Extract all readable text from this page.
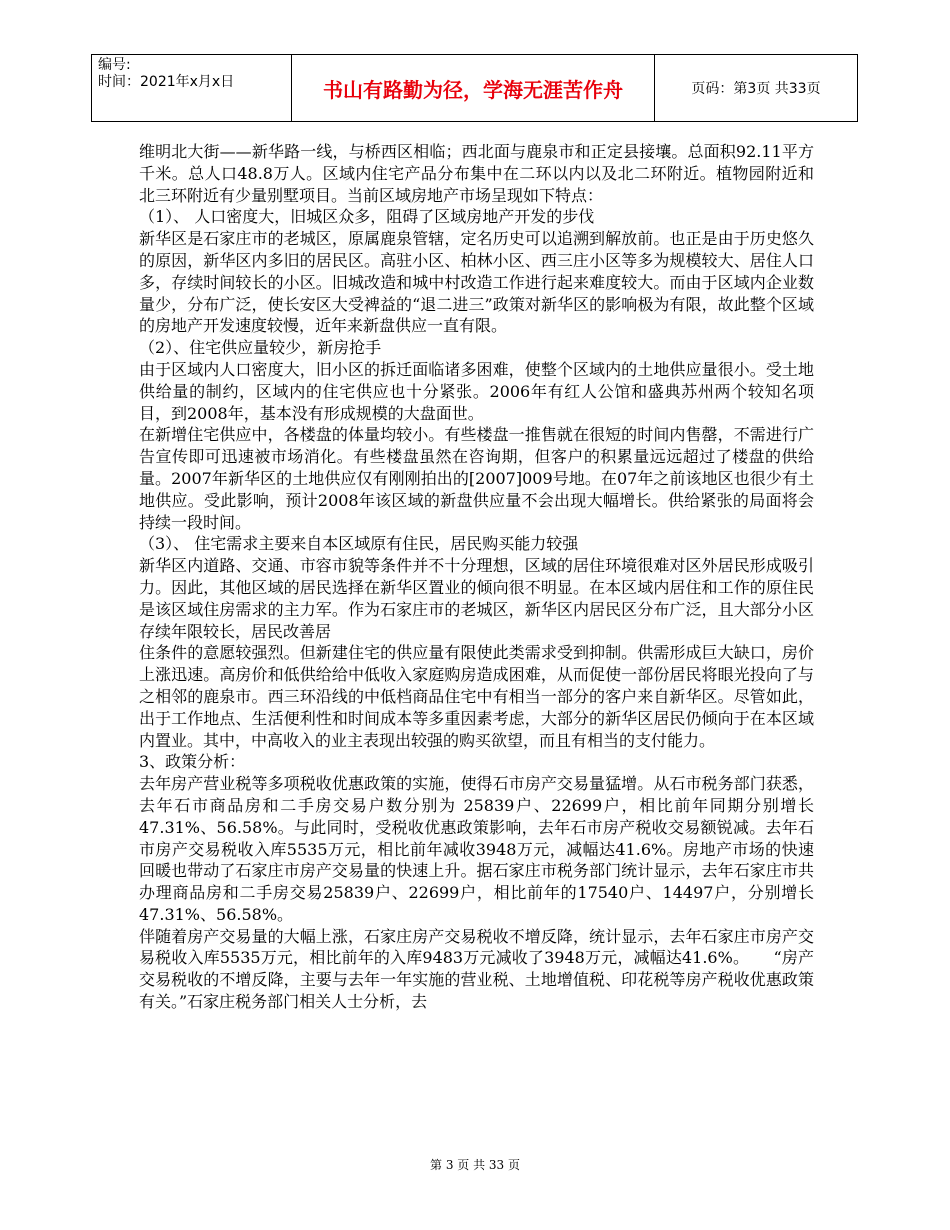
编号:
时间：2021年x月x日	书山有路勤为径，学海无涯苦作舟	页码：第3页 共33页

维明北大街——新华路一线，与桥西区相临；西北面与鹿泉市和正定县接壤。总面积92.11平方千米。总人口48.8万人。区域内住宅产品分布集中在二环以内以及北二环附近。植物园附近和北三环附近有少量别墅项目。当前区域房地产市场呈现如下特点：

（1）、 人口密度大，旧城区众多，阻碍了区域房地产开发的步伐

新华区是石家庄市的老城区，原属鹿泉管辖，定名历史可以追溯到解放前。也正是由于历史悠久的原因，新华区内多旧的居民区。高驻小区、柏林小区、西三庄小区等多为规模较大、居住人口多，存续时间较长的小区。旧城改造和城中村改造工作进行起来难度较大。而由于区域内企业数量少，分布广泛，使长安区大受裨益的“退二进三”政策对新华区的影响极为有限，故此整个区域的房地产开发速度较慢，近年来新盘供应一直有限。

（2）、住宅供应量较少，新房抢手

由于区域内人口密度大，旧小区的拆迁面临诸多困难，使整个区域内的土地供应量很小。受土地供给量的制约，区域内的住宅供应也十分紧张。2006年有红人公馆和盛典苏州两个较知名项目，到2008年，基本没有形成规模的大盘面世。

在新增住宅供应中，各楼盘的体量均较小。有些楼盘一推售就在很短的时间内售罄，不需进行广告宣传即可迅速被市场消化。有些楼盘虽然在咨询期，但客户的积累量远远超过了楼盘的供给量。2007年新华区的土地供应仅有刚刚拍出的[2007]009号地。在07年之前该地区也很少有土地供应。受此影响，预计2008年该区域的新盘供应量不会出现大幅增长。供给紧张的局面将会持续一段时间。

（3）、 住宅需求主要来自本区域原有住民，居民购买能力较强

新华区内道路、交通、市容市貌等条件并不十分理想，区域的居住环境很难对区外居民形成吸引力。因此，其他区域的居民选择在新华区置业的倾向很不明显。在本区域内居住和工作的原住民是该区域住房需求的主力军。作为石家庄市的老城区，新华区内居民区分布广泛，且大部分小区存续年限较长，居民改善居

住条件的意愿较强烈。但新建住宅的供应量有限使此类需求受到抑制。供需形成巨大缺口，房价上涨迅速。高房价和低供给给中低收入家庭购房造成困难，从而促使一部份居民将眼光投向了与之相邻的鹿泉市。西三环沿线的中低档商品住宅中有相当一部分的客户来自新华区。尽管如此，出于工作地点、生活便利性和时间成本等多重因素考虑，大部分的新华区居民仍倾向于在本区域内置业。其中，中高收入的业主表现出较强的购买欲望，而且有相当的支付能力。

3、政策分析：

去年房产营业税等多项税收优惠政策的实施，使得石市房产交易量猛增。从石市税务部门获悉，去年石市商品房和二手房交易户数分别为 25839户、22699户，相比前年同期分别增长47.31%、56.58%。与此同时，受税收优惠政策影响，去年石市房产税收交易额锐减。去年石市房产交易税收入库5535万元，相比前年减收3948万元，减幅达41.6%。房地产市场的快速回暖也带动了石家庄市房产交易量的快速上升。据石家庄市税务部门统计显示，去年石家庄市共办理商品房和二手房交易25839户、22699户，相比前年的17540户、14497户，分别增长47.31%、56.58%。

伴随着房产交易量的大幅上涨，石家庄房产交易税收不增反降，统计显示，去年石家庄市房产交易税收入库5535万元，相比前年的入库9483万元减收了3948万元，减幅达41.6%。　　“房产交易税收的不增反降，主要与去年一年实施的营业税、土地增值税、印花税等房产税收优惠政策有关。”石家庄税务部门相关人士分析，去

第 3 页 共 33 页
